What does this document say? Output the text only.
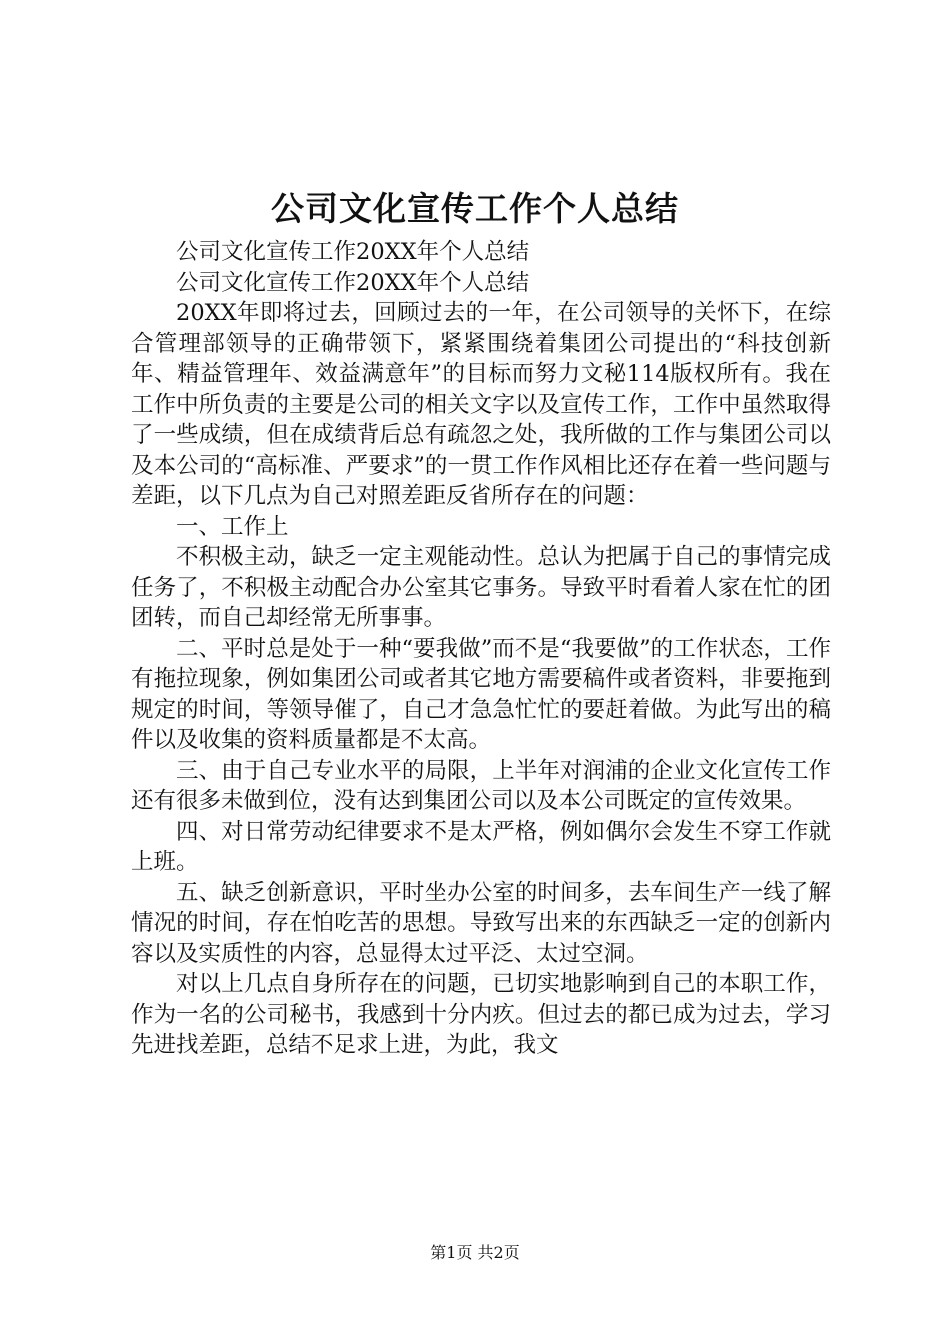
公司文化宣传工作个人总结

公司文化宣传工作20XX年个人总结

公司文化宣传工作20XX年个人总结

20XX年即将过去，回顾过去的一年，在公司领导的关怀下，在综合管理部领导的正确带领下，紧紧围绕着集团公司提出的“科技创新年、精益管理年、效益满意年”的目标而努力文秘114版权所有。我在工作中所负责的主要是公司的相关文字以及宣传工作，工作中虽然取得了一些成绩，但在成绩背后总有疏忽之处，我所做的工作与集团公司以及本公司的“高标准、严要求”的一贯工作作风相比还存在着一些问题与差距，以下几点为自己对照差距反省所存在的问题：

一、工作上

不积极主动，缺乏一定主观能动性。总认为把属于自己的事情完成任务了，不积极主动配合办公室其它事务。导致平时看着人家在忙的团团转，而自己却经常无所事事。

二、平时总是处于一种“要我做”而不是“我要做”的工作状态，工作有拖拉现象，例如集团公司或者其它地方需要稿件或者资料，非要拖到规定的时间，等领导催了，自己才急急忙忙的要赶着做。为此写出的稿件以及收集的资料质量都是不太高。

三、由于自己专业水平的局限，上半年对润浦的企业文化宣传工作还有很多未做到位，没有达到集团公司以及本公司既定的宣传效果。

四、对日常劳动纪律要求不是太严格，例如偶尔会发生不穿工作就上班。

五、缺乏创新意识，平时坐办公室的时间多，去车间生产一线了解情况的时间，存在怕吃苦的思想。导致写出来的东西缺乏一定的创新内容以及实质性的内容，总显得太过平泛、太过空洞。

对以上几点自身所存在的问题，已切实地影响到自己的本职工作，作为一名的公司秘书，我感到十分内疚。但过去的都已成为过去，学习先进找差距，总结不足求上进，为此，我文

第1页 共2页
